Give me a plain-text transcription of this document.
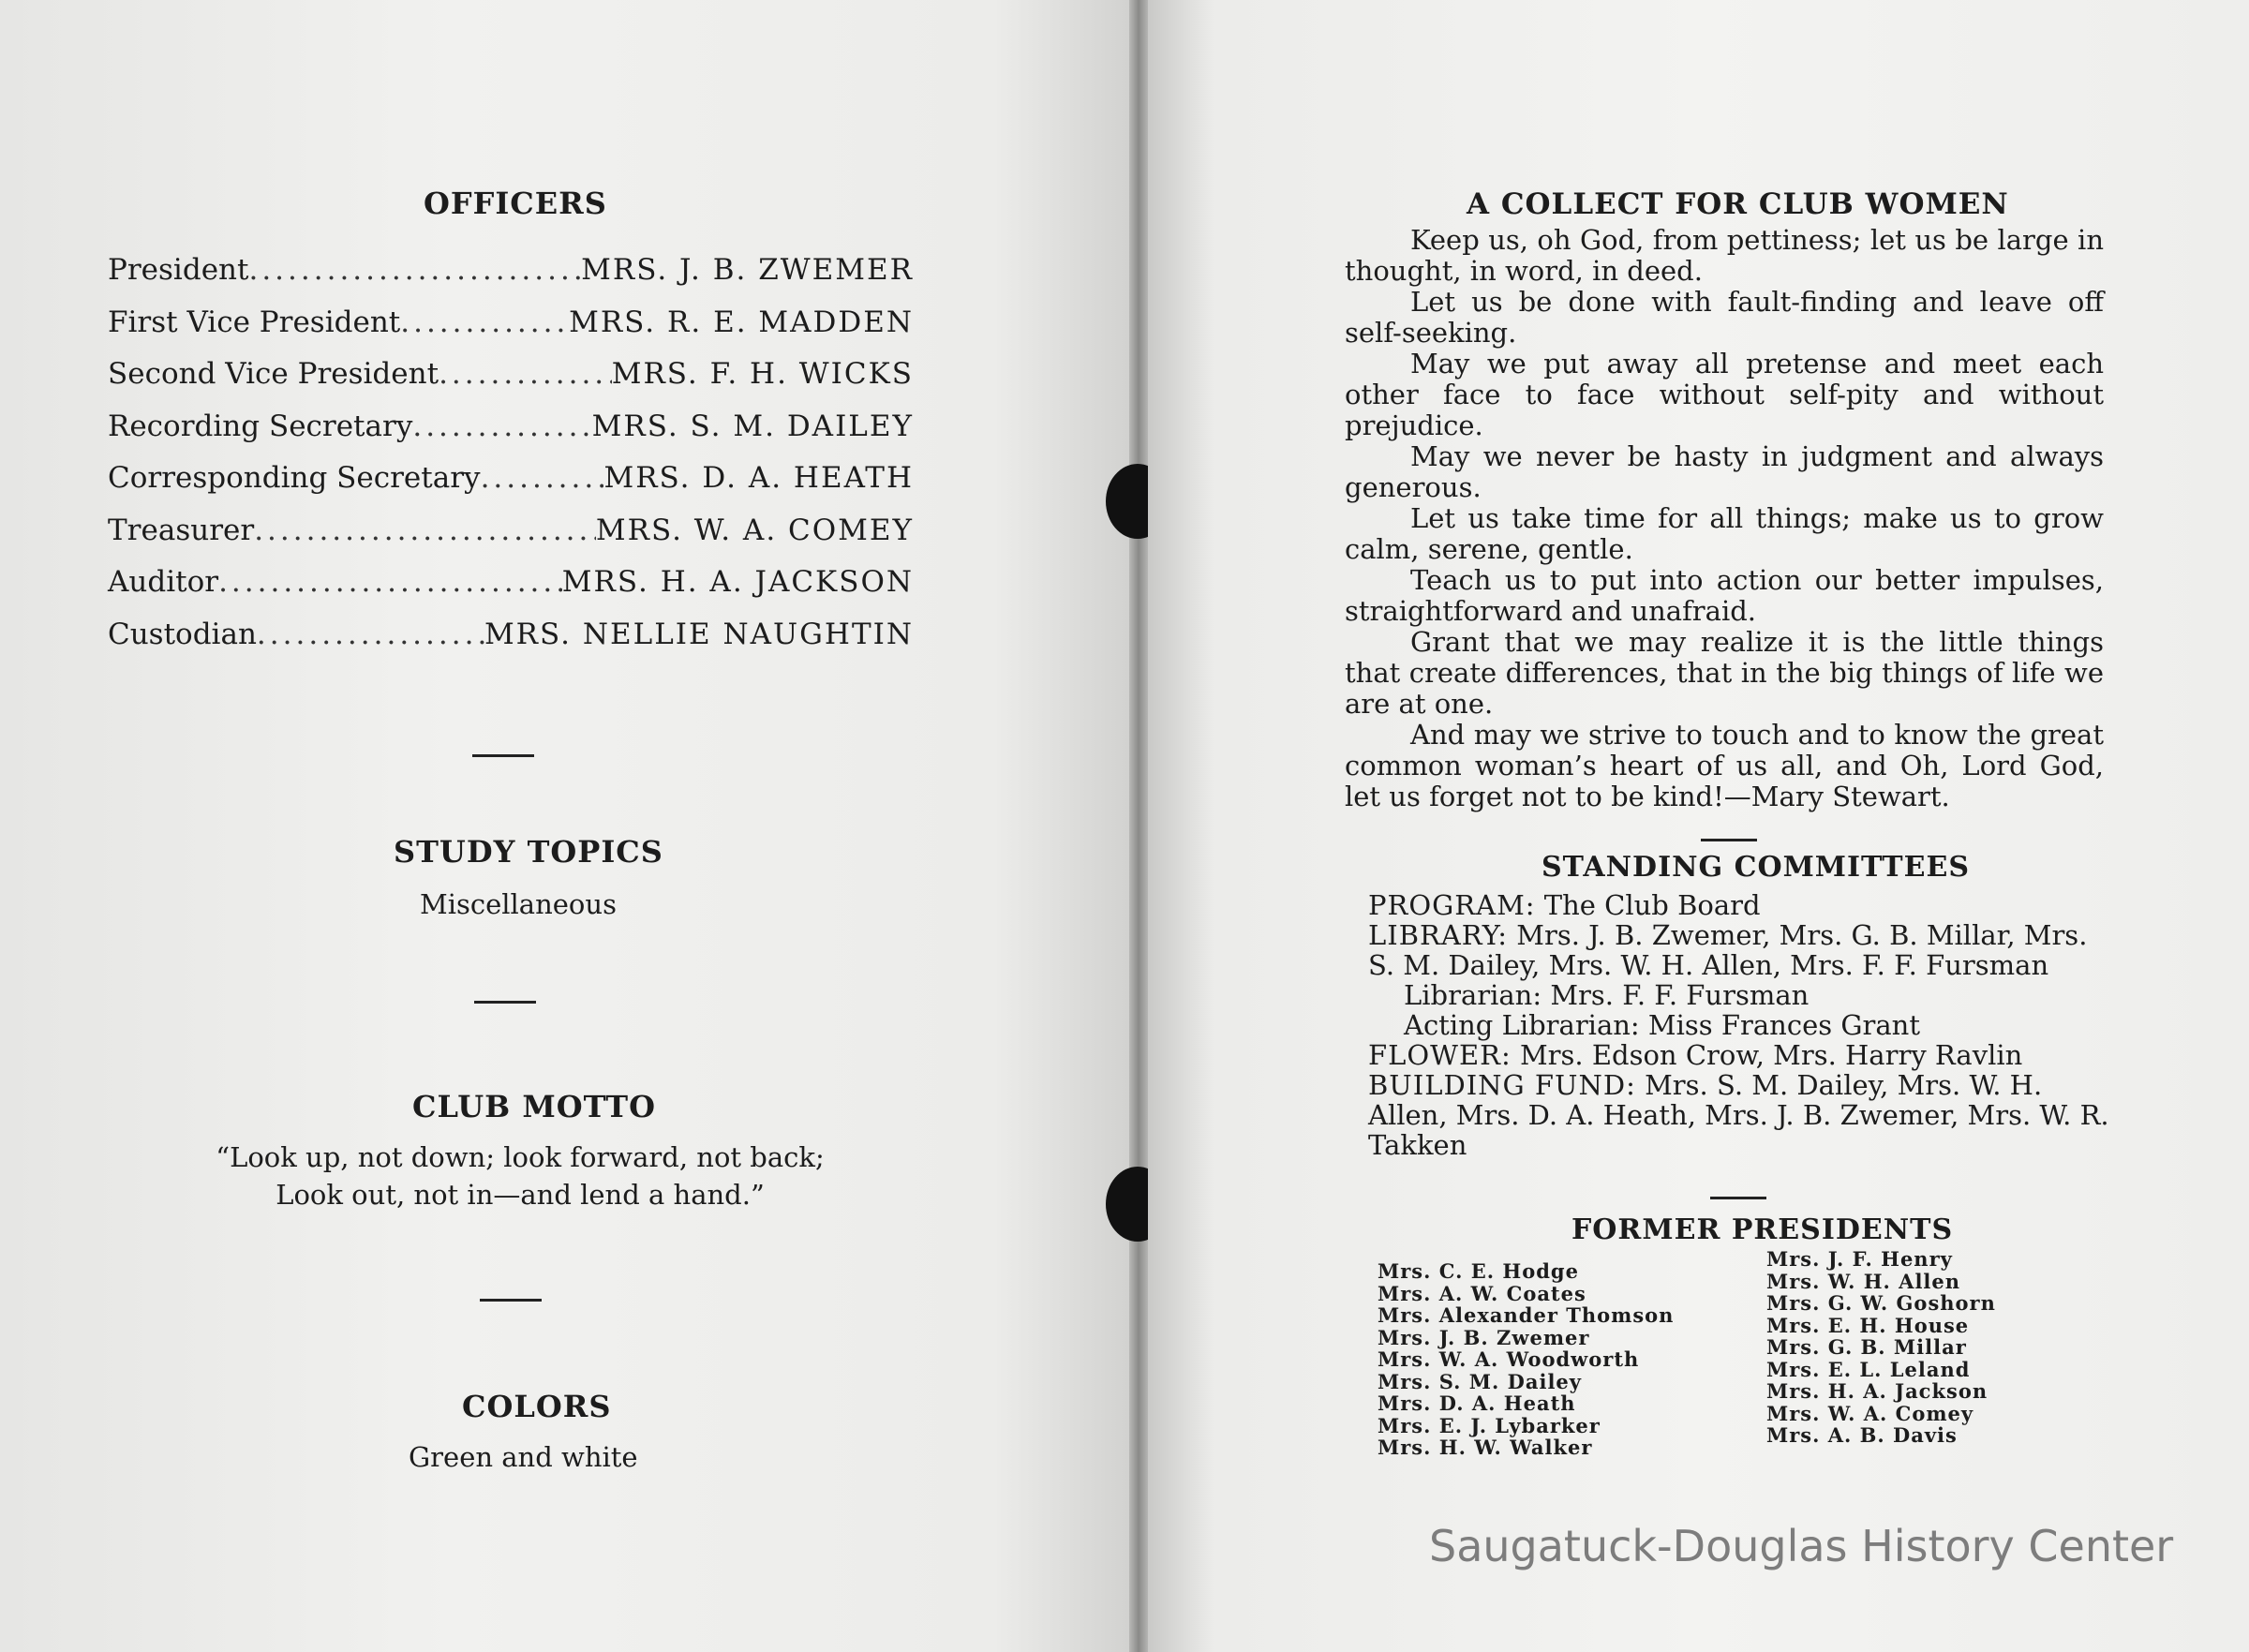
OFFICERS
President .....	MRS. J. B. ZWEMER
First Vice President .....	MRS. R. E. MADDEN
Second Vice President .....	MRS. F. H. WICKS
Recording Secretary .....	MRS. S. M. DAILEY
Corresponding Secretary .....	MRS. D. A. HEATH
Treasurer .....	MRS. W. A. COMEY
Auditor .....	MRS. H. A. JACKSON
Custodian .....	MRS. NELLIE NAUGHTIN
STUDY TOPICS

Miscellaneous

CLUB MOTTO

“Look up, not down; look forward, not back;

Look out, not in—and lend a hand.”

COLORS

Green and white

A COLLECT FOR CLUB WOMEN

Keep us, oh God, from pettiness; let us be large in thought, in word, in deed.

Let us be done with fault-finding and leave off self-seeking.

May we put away all pretense and meet each other face to face without self-pity and without prejudice.

May we never be hasty in judgment and always generous.

Let us take time for all things; make us to grow calm, serene, gentle.

Teach us to put into action our better impulses, straightforward and unafraid.

Grant that we may realize it is the little things that create differences, that in the big things of life we are at one.

And may we strive to touch and to know the great common woman’s heart of us all, and Oh, Lord God, let us forget not to be kind!—Mary Stewart.

STANDING COMMITTEES

PROGRAM: The Club Board

LIBRARY: Mrs. J. B. Zwemer, Mrs. G. B. Millar, Mrs. S. M. Dailey, Mrs. W. H. Allen, Mrs. F. F. Fursman

Librarian: Mrs. F. F. Fursman

Acting Librarian: Miss Frances Grant

FLOWER: Mrs. Edson Crow, Mrs. Harry Ravlin

BUILDING FUND: Mrs. S. M. Dailey, Mrs. W. H. Allen, Mrs. D. A. Heath, Mrs. J. B. Zwemer, Mrs. W. R. Takken

FORMER PRESIDENTS
Mrs. C. E. Hodge
Mrs. A. W. Coates
Mrs. Alexander Thomson
Mrs. J. B. Zwemer
Mrs. W. A. Woodworth
Mrs. S. M. Dailey
Mrs. D. A. Heath
Mrs. E. J. Lybarker
Mrs. H. W. Walker
Mrs. J. F. Henry
Mrs. W. H. Allen
Mrs. G. W. Goshorn
Mrs. E. H. House
Mrs. G. B. Millar
Mrs. E. L. Leland
Mrs. H. A. Jackson
Mrs. W. A. Comey
Mrs. A. B. Davis
Saugatuck-Douglas History Center
